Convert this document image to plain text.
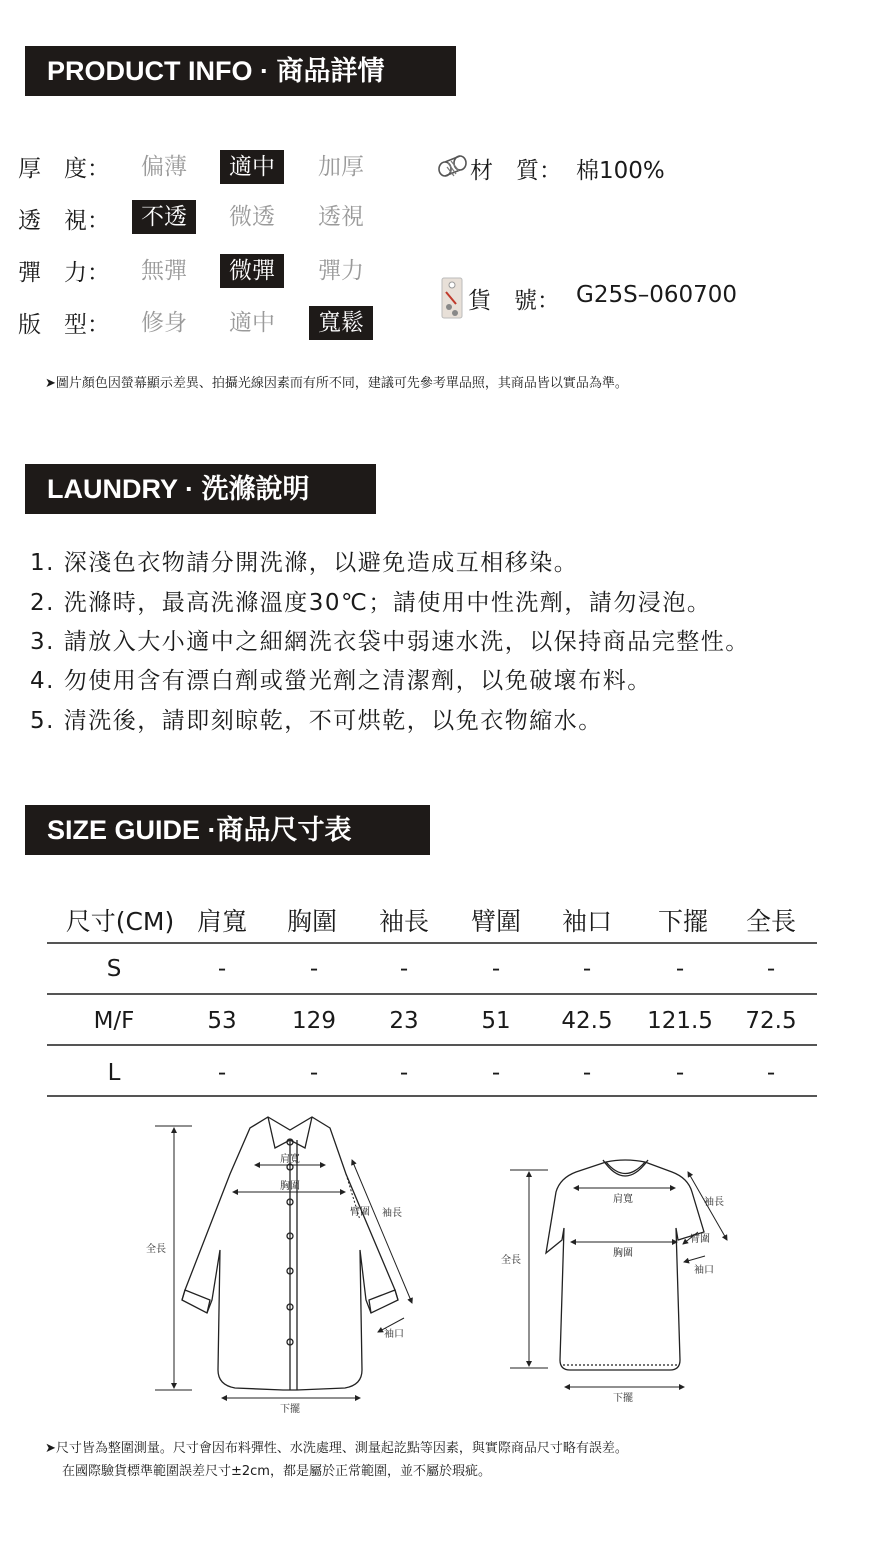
PRODUCT INFO · 商品詳情
厚　度：	偏薄	適中	加厚
透　視：	不透	微透	透視
彈　力：	無彈	微彈	彈力
版　型：	修身	適中	寬鬆
材　質： 棉100%
貨　號： G25S–060700
➤圖片顏色因螢幕顯示差異、拍攝光線因素而有所不同，建議可先參考單品照，其商品皆以實品為準。
LAUNDRY · 洗滌說明
1. 深淺色衣物請分開洗滌，以避免造成互相移染。
2. 洗滌時，最高洗滌溫度30℃；請使用中性洗劑，請勿浸泡。
3. 請放入大小適中之細網洗衣袋中弱速水洗，以保持商品完整性。
4. 勿使用含有漂白劑或螢光劑之清潔劑，以免破壞布料。
5. 清洗後，請即刻晾乾，不可烘乾，以免衣物縮水。
SIZE GUIDE ·商品尺寸表
尺寸(CM) 肩寬	胸圍	袖長	臂圍	袖口	下擺	全長
S	-	-	-	-	-	-	-
M/F	53	129	23	51	42.5	121.5	72.5
L	-	-	-	-	-	-	-
全長
肩寬
胸圍
臂圍 袖長
袖口
下擺
全長
肩寬
胸圍
袖長
臂圍
袖口
下擺
➤尺寸皆為整圍測量。尺寸會因布料彈性、水洗處理、測量起訖點等因素，與實際商品尺寸略有誤差。
在國際驗貨標準範圍誤差尺寸±2cm，都是屬於正常範圍，並不屬於瑕疵。
